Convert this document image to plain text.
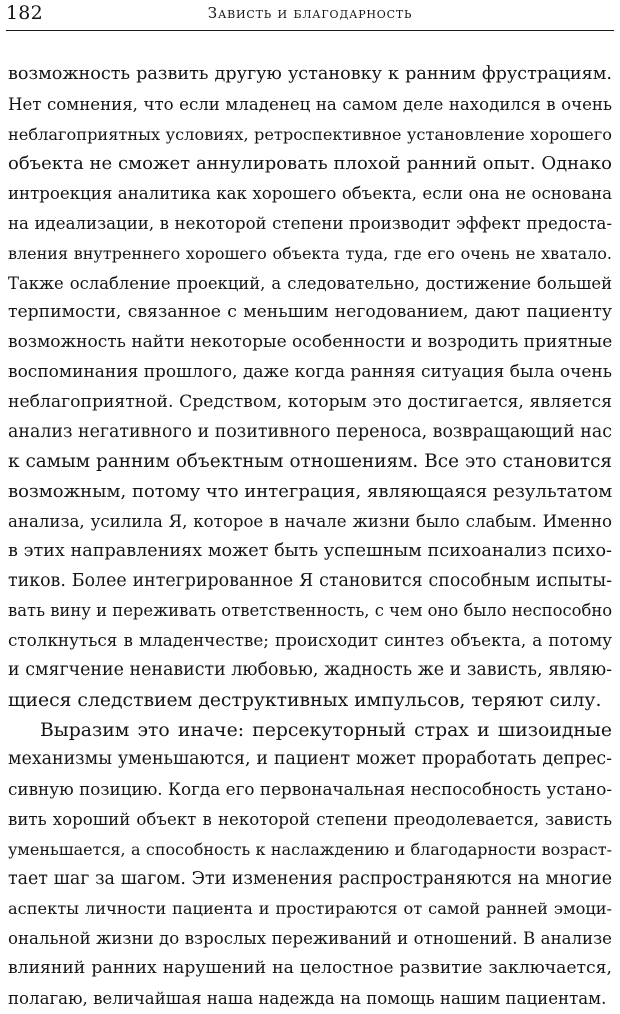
182	Зависть и благодарность
возможность развить другую установку к ранним фрустрациям.
Нет сомнения, что если младенец на самом деле находился в очень
неблагоприятных условиях, ретроспективное установление хорошего
объекта не сможет аннулировать плохой ранний опыт. Однако
интроекция аналитика как хорошего объекта, если она не основана
на идеализации, в некоторой степени производит эффект предоста-
вления внутреннего хорошего объекта туда, где его очень не хватало.
Также ослабление проекций, а следовательно, достижение большей
терпимости, связанное с меньшим негодованием, дают пациенту
возможность найти некоторые особенности и возродить приятные
воспоминания прошлого, даже когда ранняя ситуация была очень
неблагоприятной. Средством, которым это достигается, является
анализ негативного и позитивного переноса, возвращающий нас
к самым ранним объектным отношениям. Все это становится
возможным, потому что интеграция, являющаяся результатом
анализа, усилила Я, которое в начале жизни было слабым. Именно
в этих направлениях может быть успешным психоанализ психо-
тиков. Более интегрированное Я становится способным испыты-
вать вину и переживать ответственность, с чем оно было неспособно
столкнуться в младенчестве; происходит синтез объекта, а потому
и смягчение ненависти любовью, жадность же и зависть, являю-
щиеся следствием деструктивных импульсов, теряют силу.
Выразим это иначе: персекуторный страх и шизоидные
механизмы уменьшаются, и пациент может проработать депрес-
сивную позицию. Когда его первоначальная неспособность устано-
вить хороший объект в некоторой степени преодолевается, зависть
уменьшается, а способность к наслаждению и благодарности возраст-
тает шаг за шагом. Эти изменения распространяются на многие
аспекты личности пациента и простираются от самой ранней эмоци-
ональной жизни до взрослых переживаний и отношений. В анализе
влияний ранних нарушений на целостное развитие заключается,
полагаю, величайшая наша надежда на помощь нашим пациентам.
